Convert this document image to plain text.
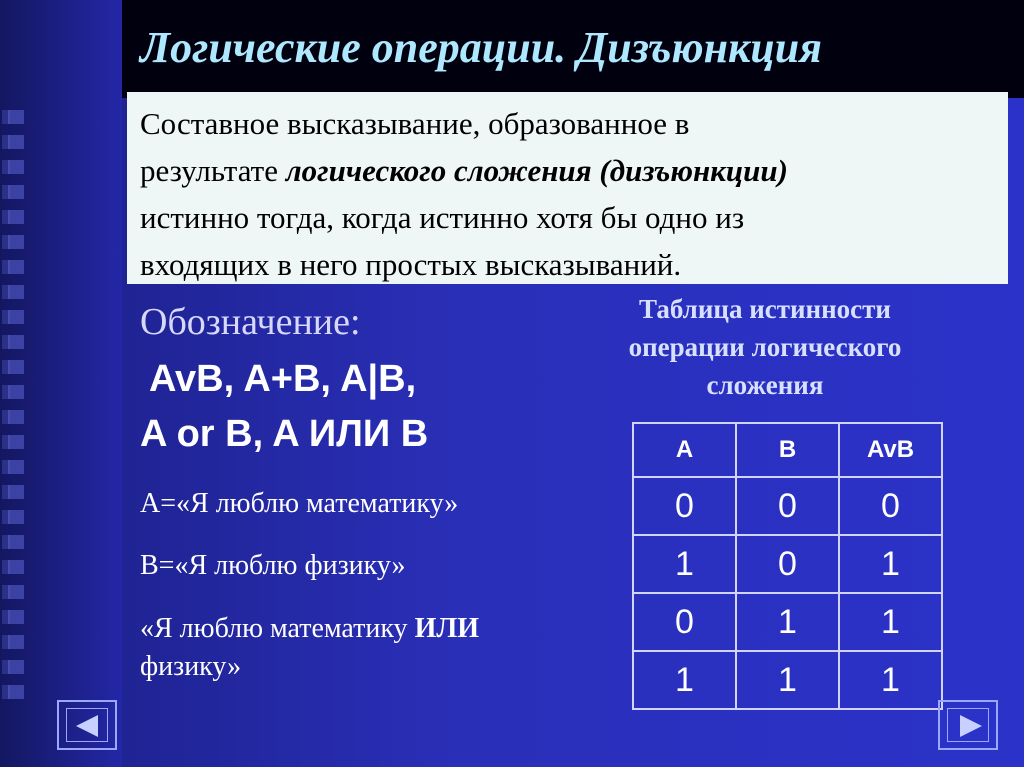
Логические операции. Дизъюнкция
Составное высказывание, образованное в
результате логического сложения (дизъюнкции)
истинно тогда, когда истинно хотя бы одно из
входящих в него простых высказываний.
Обозначение:
AvB, A+B, A|B,
A or B, A ИЛИ B
A=«Я люблю математику»
B=«Я люблю физику»
«Я люблю математику ИЛИ физику»
Таблица истинности операции логического сложения
A	B	AvB
0	0	0
1	0	1
0	1	1
1	1	1
